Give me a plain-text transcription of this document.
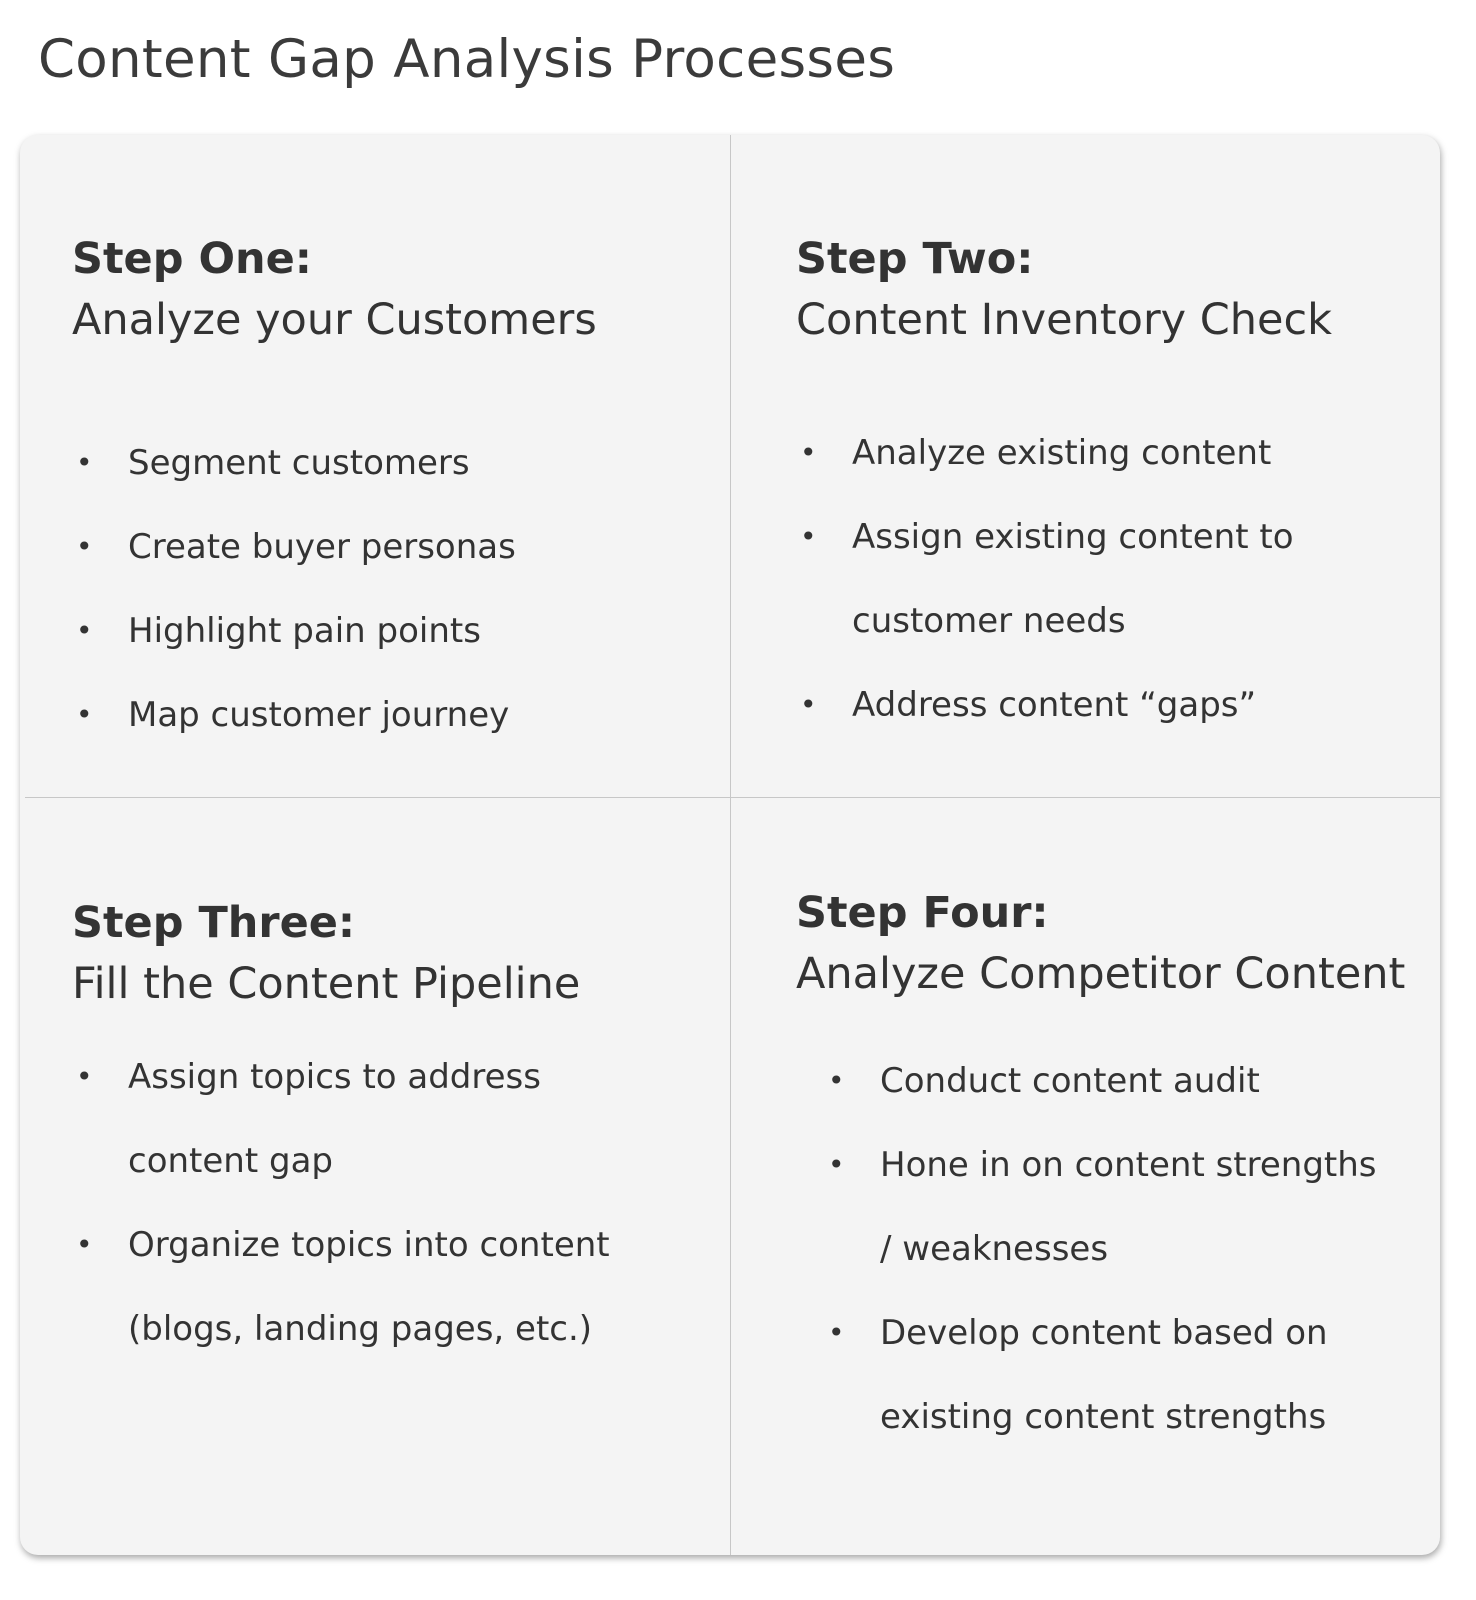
Content Gap Analysis Processes
Step One:
Analyze your Customers
• Segment customers
• Create buyer personas
• Highlight pain points
• Map customer journey
Step Two:
Content Inventory Check
• Analyze existing content
• Assign existing content to customer needs
• Address content “gaps”
Step Three:
Fill the Content Pipeline
• Assign topics to address content gap
• Organize topics into content (blogs, landing pages, etc.)
Step Four:
Analyze Competitor Content
• Conduct content audit
• Hone in on content strengths / weaknesses
• Develop content based on existing content strengths
